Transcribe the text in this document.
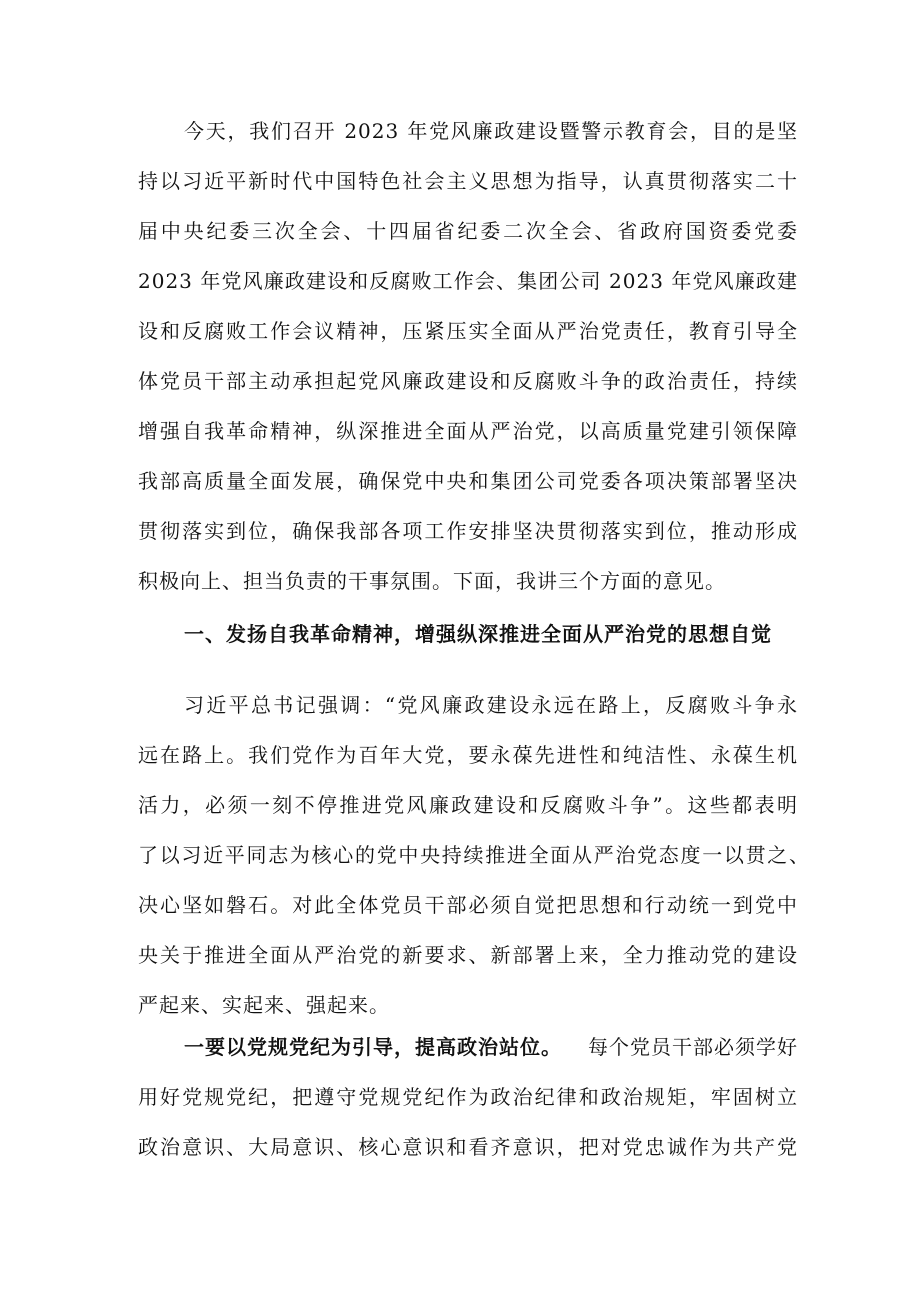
今天，我们召开 2023 年党风廉政建设暨警示教育会，目的是坚
持以习近平新时代中国特色社会主义思想为指导，认真贯彻落实二十
届中央纪委三次全会、十四届省纪委二次全会、省政府国资委党委
2023 年党风廉政建设和反腐败工作会、集团公司 2023 年党风廉政建
设和反腐败工作会议精神，压紧压实全面从严治党责任，教育引导全
体党员干部主动承担起党风廉政建设和反腐败斗争的政治责任，持续
增强自我革命精神，纵深推进全面从严治党，以高质量党建引领保障
我部高质量全面发展，确保党中央和集团公司党委各项决策部署坚决
贯彻落实到位，确保我部各项工作安排坚决贯彻落实到位，推动形成
积极向上、担当负责的干事氛围。下面，我讲三个方面的意见。
一、发扬自我革命精神，增强纵深推进全面从严治党的思想自觉
习近平总书记强调：“党风廉政建设永远在路上，反腐败斗争永
远在路上。我们党作为百年大党，要永葆先进性和纯洁性、永葆生机
活力，必须一刻不停推进党风廉政建设和反腐败斗争”。这些都表明
了以习近平同志为核心的党中央持续推进全面从严治党态度一以贯之、
决心坚如磐石。对此全体党员干部必须自觉把思想和行动统一到党中
央关于推进全面从严治党的新要求、新部署上来，全力推动党的建设
严起来、实起来、强起来。
一要以党规党纪为引导，提高政治站位。 每个党员干部必须学好
用好党规党纪，把遵守党规党纪作为政治纪律和政治规矩，牢固树立
政治意识、大局意识、核心意识和看齐意识，把对党忠诚作为共产党
